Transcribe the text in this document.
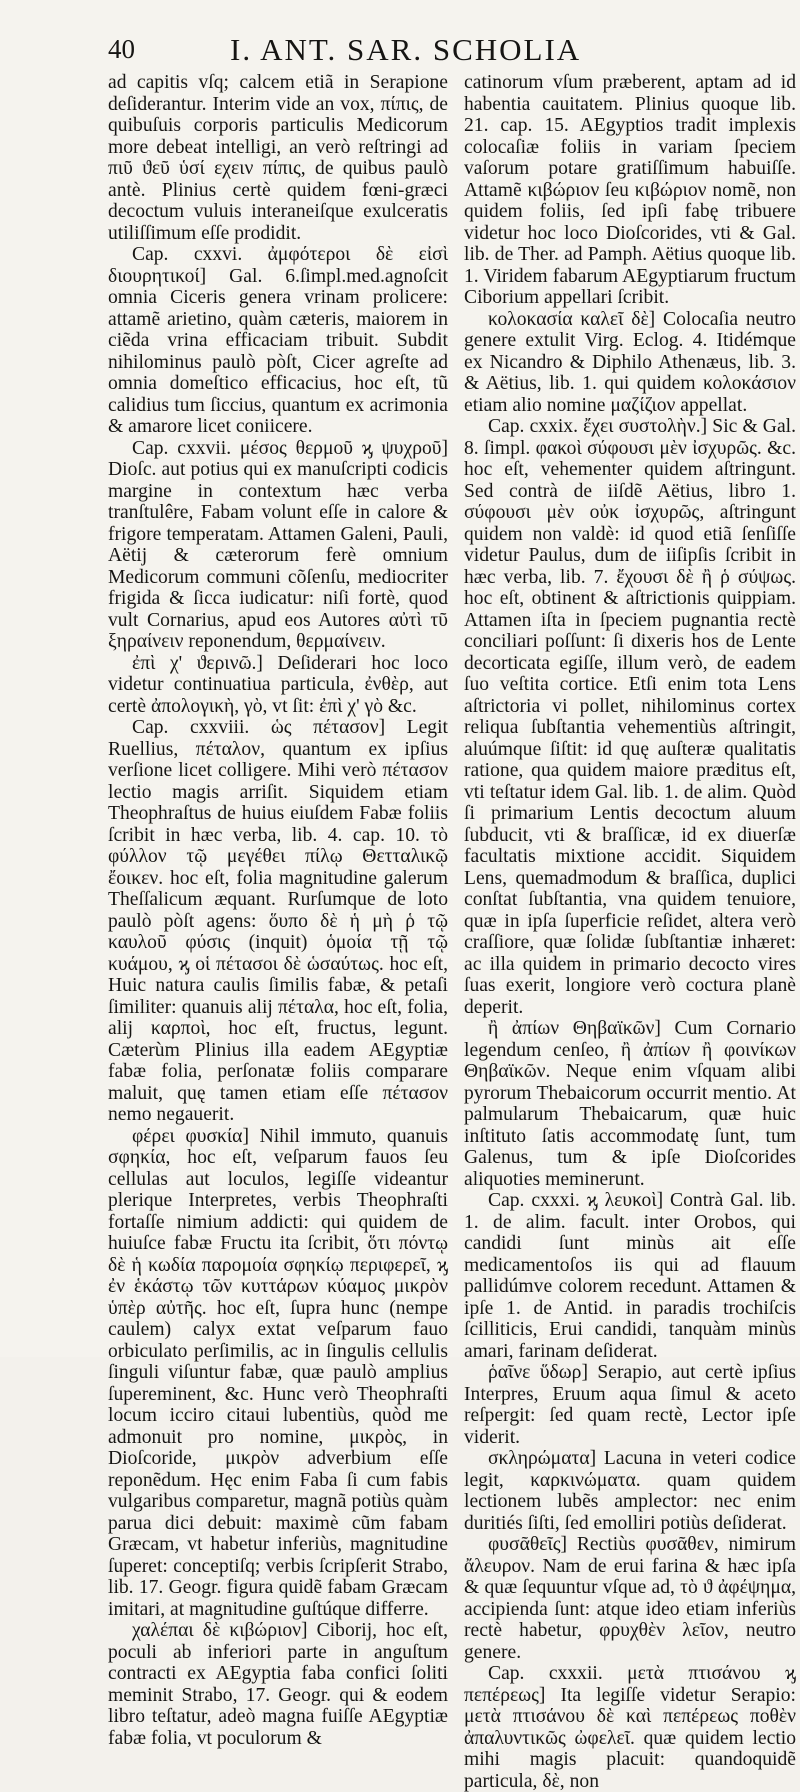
40	I. ANT. SAR. SCHOLIA

ad capitis vſq; calcem etiã in Serapione deſiderantur. Interim vide an vox, πίπις, de quibuſuis corporis particulis Medicorum more debeat intelligi, an verò reſtringi ad πιῦ ϑεῦ ὑσί εχειν πίπις, de quibus paulò antè. Plinius certè quidem fœni-græci decoctum vuluis interaneiſque exulceratis utiliſſimum eſſe prodidit.

Cap. cxxvi. ἀμφότεροι δὲ εἰσὶ διουρητικοί] Gal. 6.ſimpl.med.agnoſcit omnia Ciceris genera vrinam prolicere: attamẽ arietino, quàm cæteris, maiorem in ciẽda vrina efficaciam tribuit. Subdit nihilominus paulò pòſt, Cicer agreſte ad omnia domeſtico efficacius, hoc eſt, tũ calidius tum ſiccius, quantum ex acrimonia & amarore licet coniicere.

Cap. cxxvii. μέσος θερμοῦ ϗ ψυχροῦ] Dioſc. aut potius qui ex manuſcripti codicis margine in contextum hæc verba tranſtulêre, Fabam volunt eſſe in calore & frigore temperatam. Attamen Galeni, Pauli, Aëtij & cæterorum ferè omnium Medicorum communi cõſenſu, mediocriter frigida & ſicca iudicatur: niſi fortè, quod vult Cornarius, apud eos Autores αὐτὶ τῦ ξηραίνειν reponendum, θερμαίνειν.

ἐπὶ χ' ϑερινῶ.] Deſiderari hoc loco videtur continuatiua particula, ἐνθὲρ, aut certè ἀπολογικὴ, γὸ, vt ſit: ἐπὶ χ' γὸ &c.

Cap. cxxviii. ὡς πέτασον] Legit Ruellius, πέταλον, quantum ex ipſius verſione licet colligere. Mihi verò πέτασον lectio magis arriſit. Siquidem etiam Theophraſtus de huius eiuſdem Fabæ foliis ſcribit in hæc verba, lib. 4. cap. 10. τὸ φύλλον τῷ μεγέθει πίλῳ Θετταλικῷ ἔοικεν. hoc eſt, folia magnitudine galerum Theſſalicum æquant. Rurſumque de loto paulò pòſt agens: ὅυπο δὲ ἡ μὴ ῥ τῷ καυλοῦ φύσις (inquit) ὁμοία τῇ τῷ κυάμου, ϗ οἱ πέτασοι δὲ ὡσαύτως. hoc eſt, Huic natura caulis ſimilis fabæ, & petaſi ſimiliter: quanuis alij πέταλα, hoc eſt, folia, alij καρποὶ, hoc eſt, fructus, legunt. Cæterùm Plinius illa eadem AEgyptiæ fabæ folia, perſonatæ foliis comparare maluit, quę tamen etiam eſſe πέτασον nemo negauerit.

φέρει φυσκία] Nihil immuto, quanuis σφηκία, hoc eſt, veſparum fauos ſeu cellulas aut loculos, legiſſe videantur plerique Interpretes, verbis Theophraſti fortaſſe nimium addicti: qui quidem de huiuſce fabæ Fructu ita ſcribit, ὅτι πόντῳ δὲ ἡ κωδία παρομοία σφηκίῳ περιφερεῖ, ϗ ἐν ἑκάστῳ τῶν κυττάρων κύαμος μικρὸν ὑπὲρ αὐτῆς. hoc eſt, ſupra hunc (nempe caulem) calyx extat veſparum fauo orbiculato perſimilis, ac in ſingulis cellulis ſinguli viſuntur fabæ, quæ paulò amplius ſupereminent, &c. Hunc verò Theophraſti locum icciro citaui lubentiùs, quòd me admonuit pro nomine, μικρὸς, in Dioſcoride, μικρὸν adverbium eſſe reponẽdum. Hęc enim Faba ſi cum fabis vulgaribus comparetur, magnã potiùs quàm parua dici debuit: maximè cũm fabam Græcam, vt habetur inferiùs, magnitudine ſuperet: conceptiſq; verbis ſcripſerit Strabo, lib. 17. Geogr. figura quidẽ fabam Græcam imitari, at magnitudine guſtúque differre.

χαλέπαι δὲ κιβώριον] Ciborij, hoc eſt, poculi ab inferiori parte in anguſtum contracti ex AEgyptia faba confici ſoliti meminit Strabo, 17. Geogr. qui & eodem libro teſtatur, adeò magna fuiſſe AEgyptiæ fabæ folia, vt poculorum &

catinorum vſum præberent, aptam ad id habentia cauitatem. Plinius quoque lib. 21. cap. 15. AEgyptios tradit implexis colocaſiæ foliis in variam ſpeciem vaſorum potare gratiſſimum habuiſſe. Attamẽ κιβώριον ſeu κιβώριον nomẽ, non quidem foliis, ſed ipſi fabę tribuere videtur hoc loco Dioſcorides, vti & Gal. lib. de Ther. ad Pamph. Aëtius quoque lib. 1. Viridem fabarum AEgyptiarum fructum Ciborium appellari ſcribit.

κολοκασία καλεῖ δὲ] Colocaſia neutro genere extulit Virg. Eclog. 4. Itidémque ex Nicandro & Diphilo Athenæus, lib. 3. & Aëtius, lib. 1. qui quidem κολοκάσιον etiam alio nomine μαζίζιον appellat.

Cap. cxxix. ἔχει συστολὴν.] Sic & Gal. 8. ſimpl. φακοὶ σύφουσι μὲν ἰσχυρῶς. &c. hoc eſt, vehementer quidem aſtringunt. Sed contrà de iiſdẽ Aëtius, libro 1. σύφουσι μὲν οὐκ ἰσχυρῶς, aſtringunt quidem non valdè: id quod etiã ſenſiſſe videtur Paulus, dum de iiſipſis ſcribit in hæc verba, lib. 7. ἔχουσι δὲ ἢ ῥ σύψως. hoc eſt, obtinent & aſtrictionis quippiam. Attamen iſta in ſpeciem pugnantia rectè conciliari poſſunt: ſi dixeris hos de Lente decorticata egiſſe, illum verò, de eadem ſuo veſtita cortice. Etſi enim tota Lens aſtrictoria vi pollet, nihilominus cortex reliqua ſubſtantia vehementiùs aſtringit, aluúmque ſiſtit: id quę auſteræ qualitatis ratione, qua quidem maiore præditus eſt, vti teſtatur idem Gal. lib. 1. de alim. Quòd ſi primarium Lentis decoctum aluum ſubducit, vti & braſſicæ, id ex diuerſæ facultatis mixtione accidit. Siquidem Lens, quemadmodum & braſſica, duplici conſtat ſubſtantia, vna quidem tenuiore, quæ in ipſa ſuperficie reſidet, altera verò craſſiore, quæ ſolidæ ſubſtantiæ inhæret: ac illa quidem in primario decocto vires ſuas exerit, longiore verò coctura planè deperit.

ἢ ἀπίων Θηβαϊκῶν] Cum Cornario legendum cenſeo, ἢ ἀπίων ἢ φοινίκων Θηβαϊκῶν. Neque enim vſquam alibi pyrorum Thebaicorum occurrit mentio. At palmularum Thebaicarum, quæ huic inſtituto ſatis accommodatę ſunt, tum Galenus, tum & ipſe Dioſcorides aliquoties meminerunt.

Cap. cxxxi. ϗ λευκοὶ] Contrà Gal. lib. 1. de alim. facult. inter Orobos, qui candidi ſunt minùs ait eſſe medicamentoſos iis qui ad flauum pallidúmve colorem recedunt. Attamen & ipſe 1. de Antid. in paradis trochiſcis ſcilliticis, Erui candidi, tanquàm minùs amari, farinam deſiderat.

ῥαῖνε ὕδωρ] Serapio, aut certè ipſius Interpres, Eruum aqua ſimul & aceto reſpergit: ſed quam rectè, Lector ipſe viderit.

σκληρώματα] Lacuna in veteri codice legit, καρκινώματα. quam quidem lectionem lubẽs amplector: nec enim duritiés ſiſti, ſed emolliri potiùs deſiderat.

φυσᾶθεῖς] Rectiùs φυσᾶθεν, nimirum ἄλευρον. Nam de erui farina & hæc ipſa & quæ ſequuntur vſque ad, τὸ ϑ ἀφέψημα, accipienda ſunt: atque ideo etiam inferiùs rectè habetur, φρυχθὲν λεῖον, neutro genere.

Cap. cxxxii. μετὰ πτισάνου ϗ πεπέρεως] Ita legiſſe videtur Serapio: μετὰ πτισάνου δὲ καὶ πεπέρεως ποθὲν ἀπαλυντικῶς ὠφελεῖ. quæ quidem lectio mihi magis placuit: quandoquidẽ particula, δὲ, non
